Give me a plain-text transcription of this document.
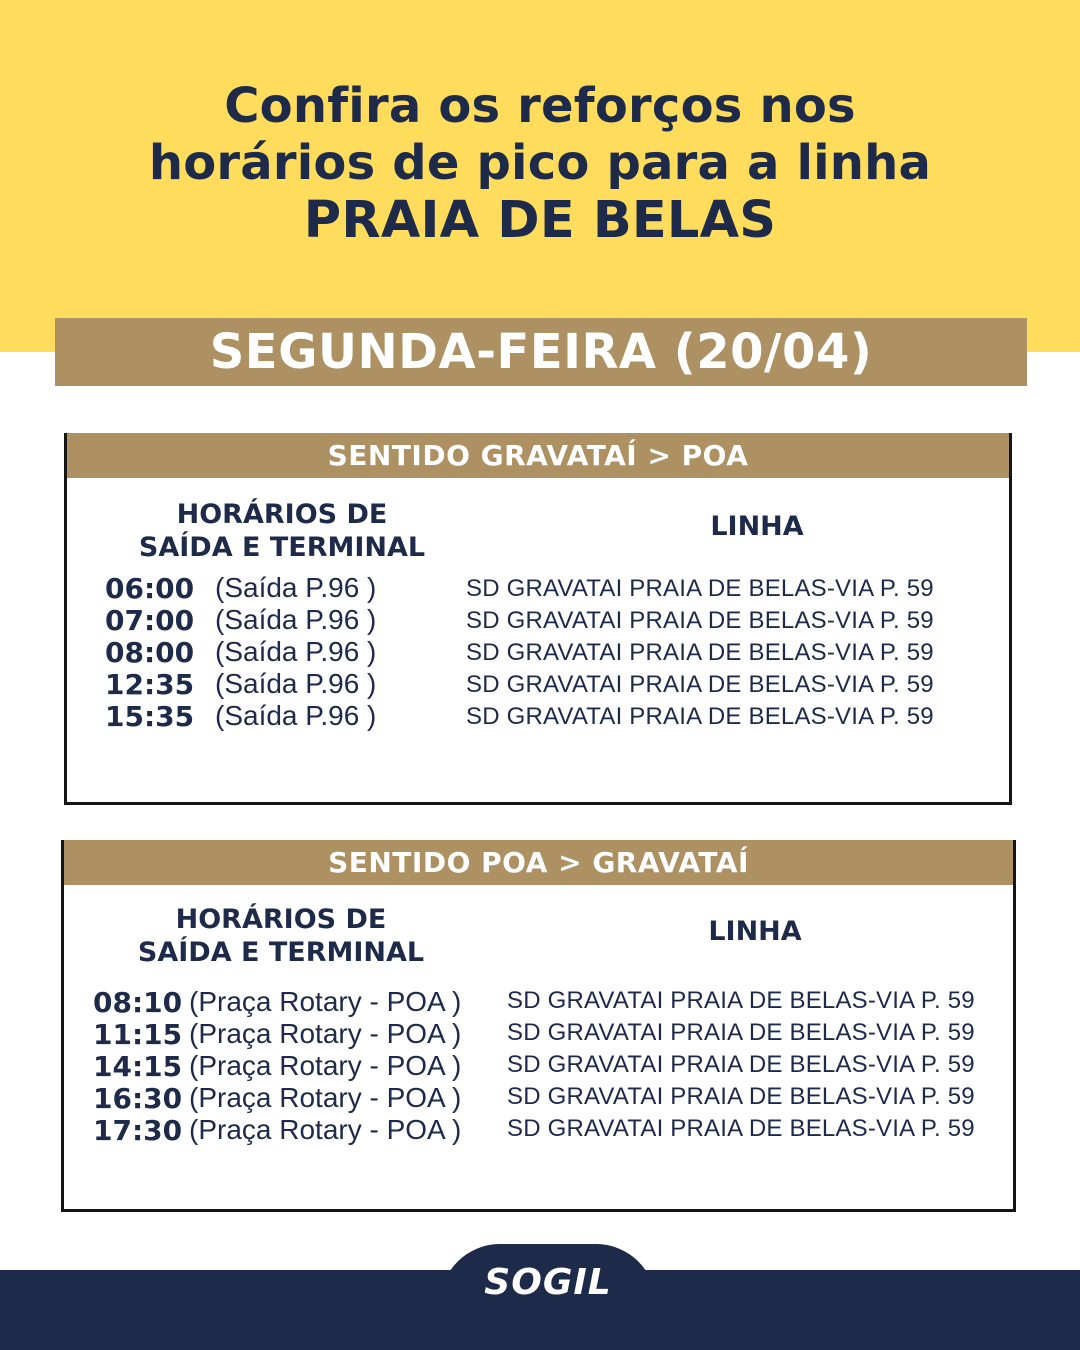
Confira os reforços nos
horários de pico para a linha
PRAIA DE BELAS
SEGUNDA-FEIRA (20/04)
SENTIDO GRAVATAÍ > POA
HORÁRIOS DE
SAÍDA E TERMINAL
LINHA
06:00 (Saída P.96 )	SD GRAVATAI PRAIA DE BELAS-VIA P. 59
07:00 (Saída P.96 )	SD GRAVATAI PRAIA DE BELAS-VIA P. 59
08:00 (Saída P.96 )	SD GRAVATAI PRAIA DE BELAS-VIA P. 59
12:35 (Saída P.96 )	SD GRAVATAI PRAIA DE BELAS-VIA P. 59
15:35 (Saída P.96 )	SD GRAVATAI PRAIA DE BELAS-VIA P. 59
SENTIDO POA > GRAVATAÍ
HORÁRIOS DE
SAÍDA E TERMINAL
LINHA
08:10 (Praça Rotary - POA ) SD GRAVATAI PRAIA DE BELAS-VIA P. 59
11:15 (Praça Rotary - POA ) SD GRAVATAI PRAIA DE BELAS-VIA P. 59
14:15 (Praça Rotary - POA ) SD GRAVATAI PRAIA DE BELAS-VIA P. 59
16:30 (Praça Rotary - POA ) SD GRAVATAI PRAIA DE BELAS-VIA P. 59
17:30 (Praça Rotary - POA ) SD GRAVATAI PRAIA DE BELAS-VIA P. 59
SOGIL
